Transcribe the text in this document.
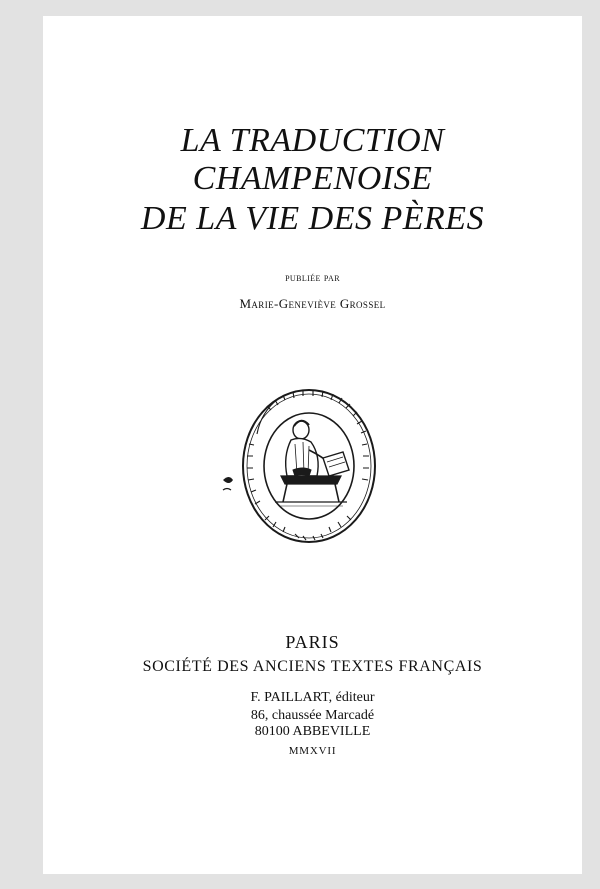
LA TRADUCTION
CHAMPENOISE
DE LA VIE DES PÈRES
publiée par
Marie-Geneviève Grossel
PARIS
SOCIÉTÉ DES ANCIENS TEXTES FRANÇAIS
F. PAILLART, éditeur
86, chaussée Marcadé
80100 ABBEVILLE
MMXVII
